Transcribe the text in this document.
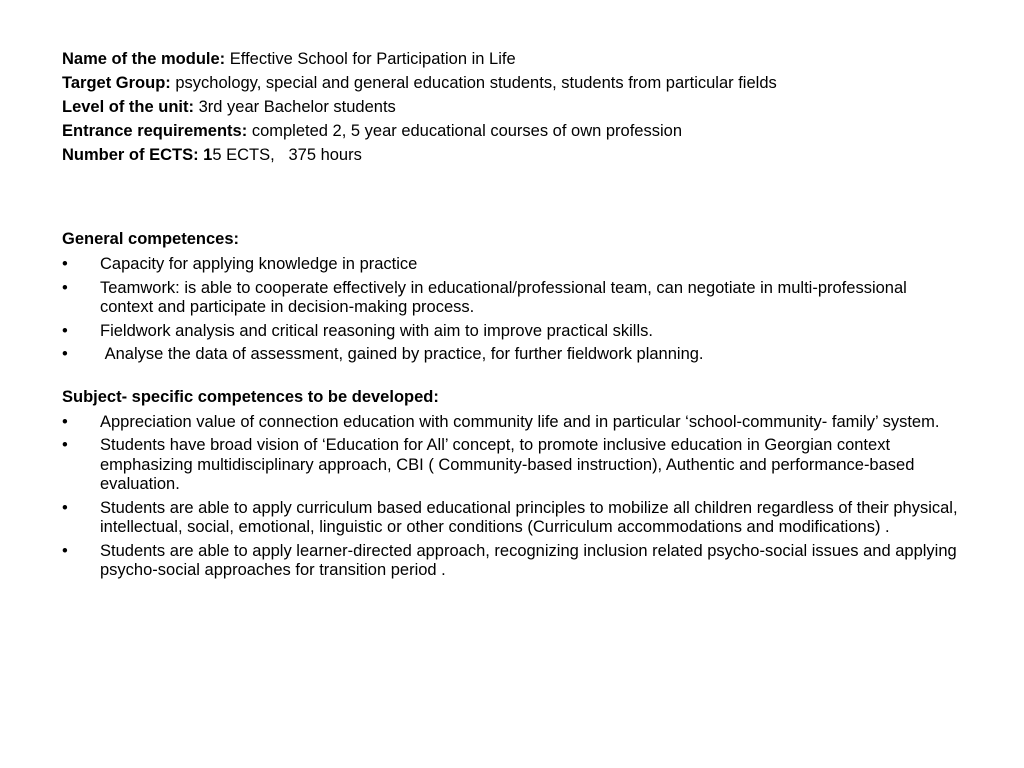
Name of the module: Effective School for Participation in Life
Target Group: psychology, special and general education students, students from particular fields
Level of the unit: 3rd year Bachelor students
Entrance requirements: completed 2, 5 year educational courses of own profession
Number of ECTS: 15 ECTS,   375 hours
General competences:
• Capacity for applying knowledge in practice
• Teamwork: is able to cooperate effectively in educational/professional team, can negotiate in multi-professional context and participate in decision-making process.
• Fieldwork analysis and critical reasoning with aim to improve practical skills.
• Analyse the data of assessment, gained by practice, for further fieldwork planning.
Subject- specific competences to be developed:
• Appreciation value of connection education with community life and in particular ‘school-community- family’ system.
• Students have broad vision of ‘Education for All’ concept, to promote inclusive education in Georgian context emphasizing multidisciplinary approach, CBI ( Community-based instruction), Authentic and performance-based evaluation.
• Students are able to apply curriculum based educational principles to mobilize all children regardless of their physical, intellectual, social, emotional, linguistic or other conditions (Curriculum accommodations and modifications) .
• Students are able to apply learner-directed approach, recognizing inclusion related psycho-social issues and applying psycho-social approaches for transition period .
